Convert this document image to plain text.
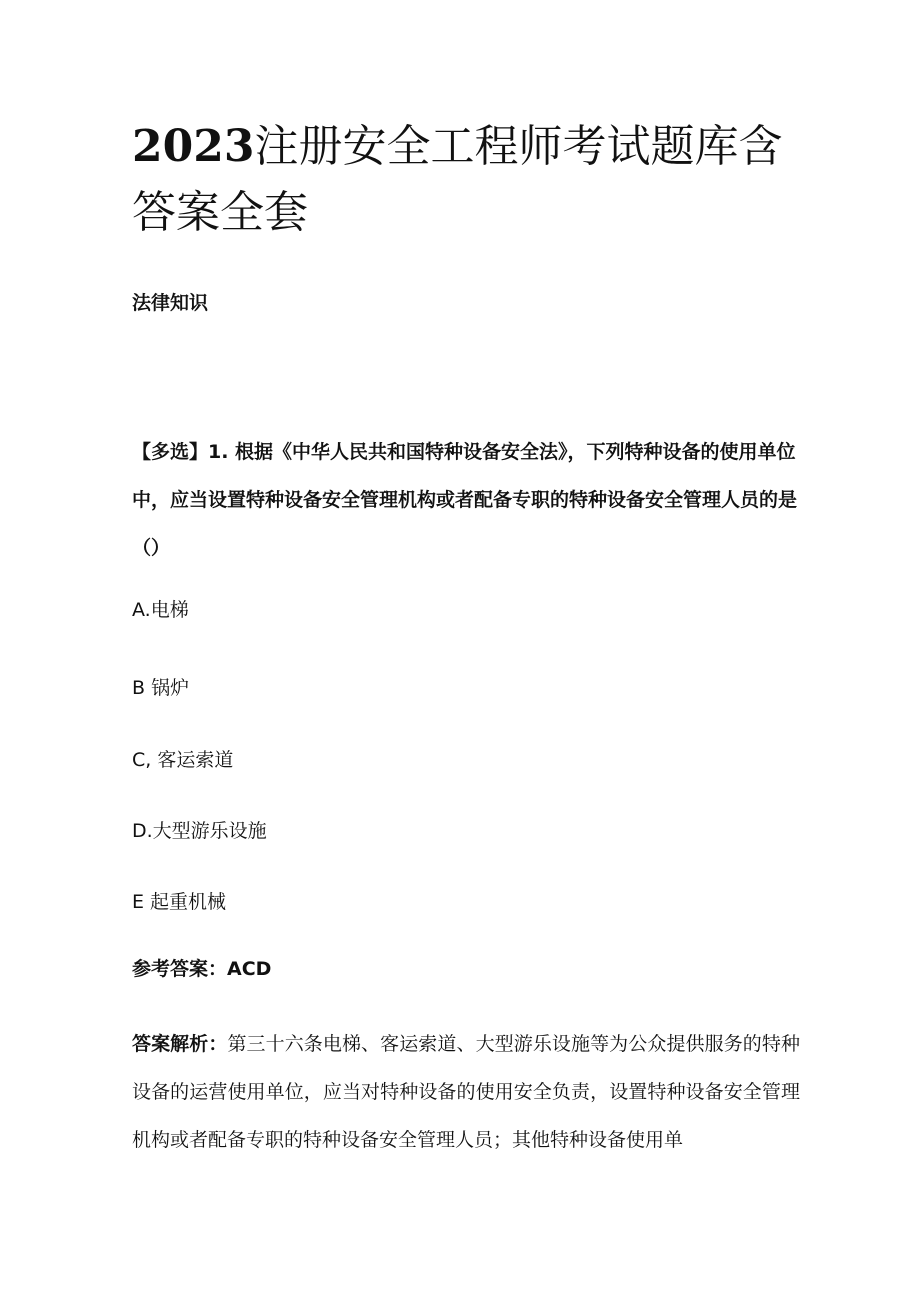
2023注册安全工程师考试题库含答案全套

法律知识

【多选】1. 根据《中华人民共和国特种设备安全法》，下列特种设备的使用单位中，应当设置特种设备安全管理机构或者配备专职的特种设备安全管理人员的是（）

A.电梯

B 锅炉

C, 客运索道

D.大型游乐设施

E 起重机械

参考答案：ACD

答案解析：第三十六条电梯、客运索道、大型游乐设施等为公众提供服务的特种设备的运营使用单位，应当对特种设备的使用安全负责，设置特种设备安全管理机构或者配备专职的特种设备安全管理人员；其他特种设备使用单
